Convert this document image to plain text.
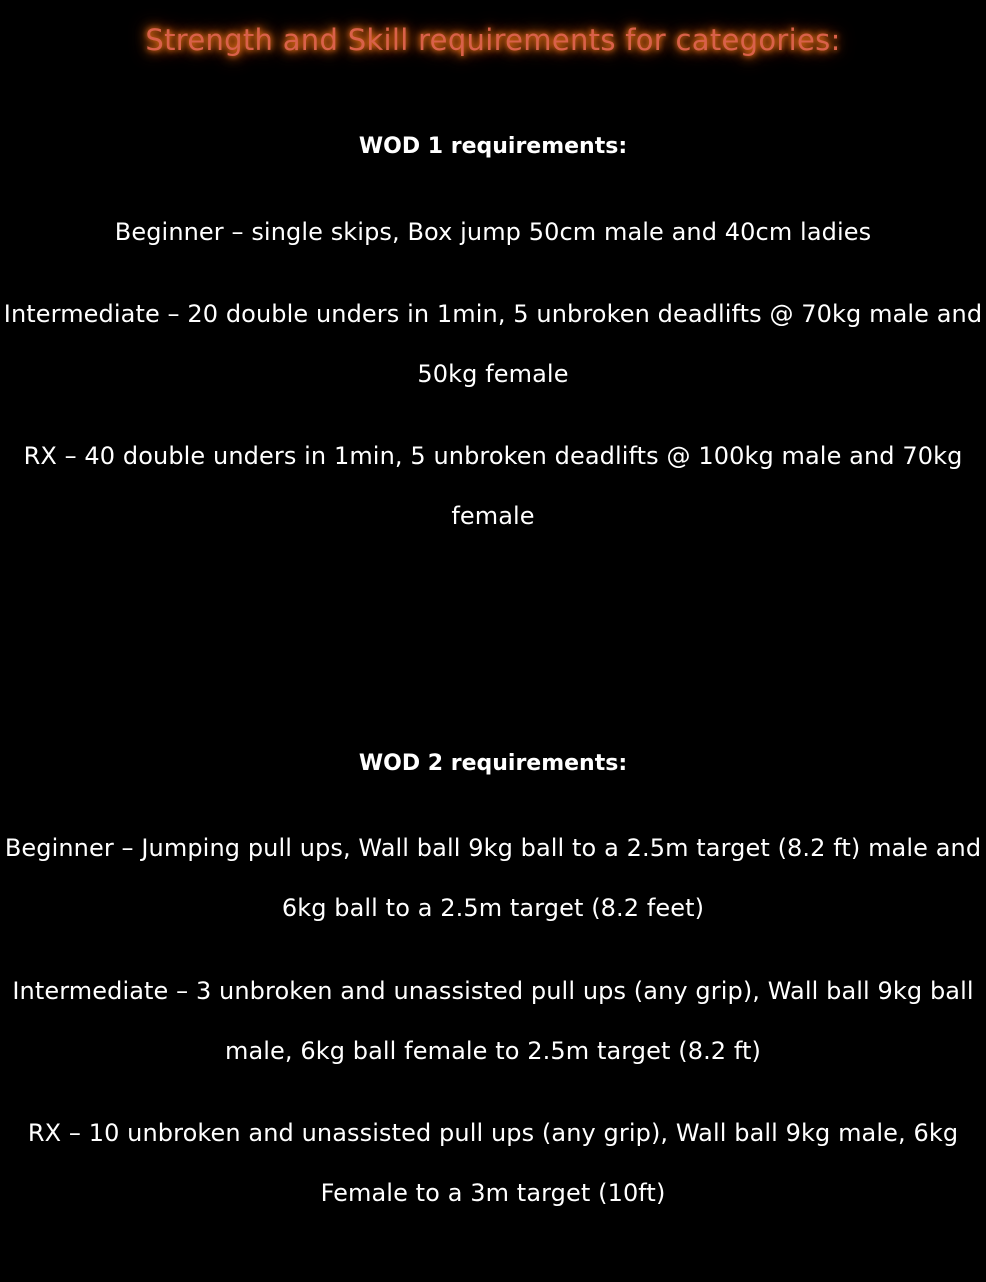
Strength and Skill requirements for categories:
WOD 1 requirements:
Beginner – single skips, Box jump 50cm male and 40cm ladies
Intermediate – 20 double unders in 1min, 5 unbroken deadlifts @ 70kg male and 50kg female
RX – 40 double unders in 1min, 5 unbroken deadlifts @ 100kg male and 70kg female
WOD 2 requirements:
Beginner – Jumping pull ups, Wall ball 9kg ball to a 2.5m target (8.2 ft) male and 6kg ball to a 2.5m target (8.2 feet)
Intermediate – 3 unbroken and unassisted pull ups (any grip), Wall ball 9kg ball male, 6kg ball female to 2.5m target (8.2 ft)
RX – 10 unbroken and unassisted pull ups (any grip), Wall ball 9kg male, 6kg Female to a 3m target (10ft)
